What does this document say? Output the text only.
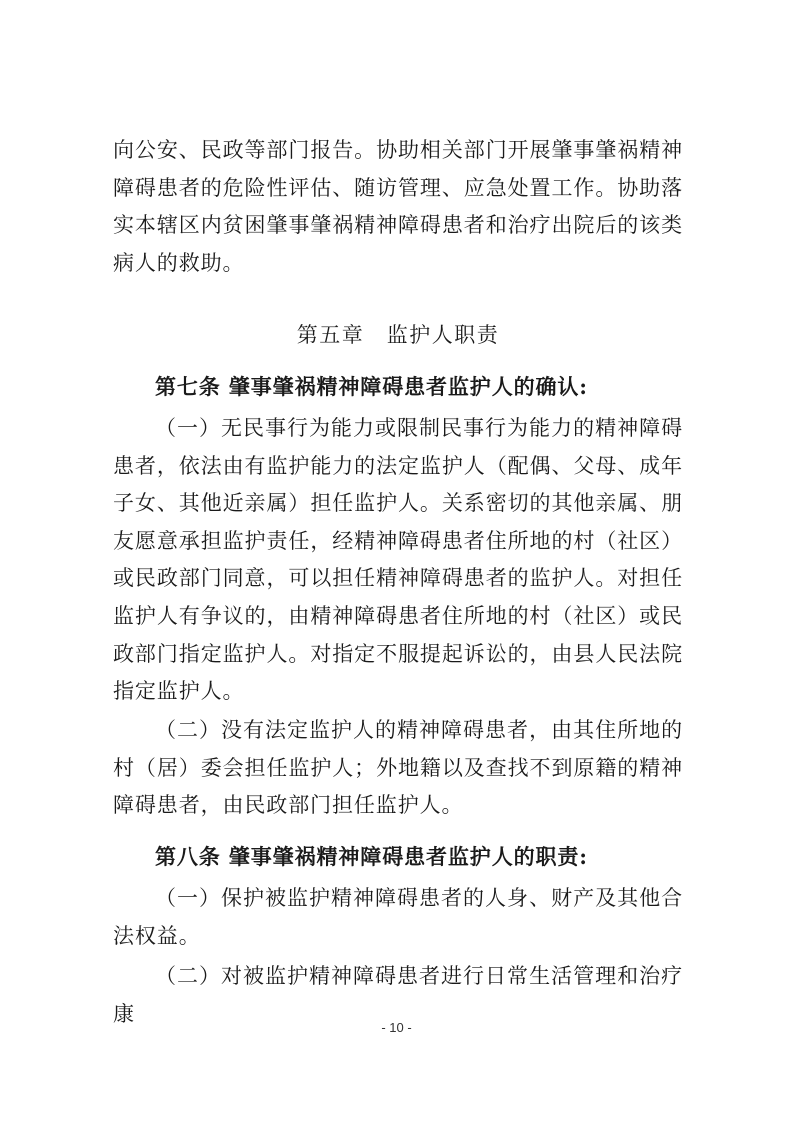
向公安、民政等部门报告。协助相关部门开展肇事肇祸精神障碍患者的危险性评估、随访管理、应急处置工作。协助落实本辖区内贫困肇事肇祸精神障碍患者和治疗出院后的该类病人的救助。
第五章　监护人职责
第七条 肇事肇祸精神障碍患者监护人的确认:
（一）无民事行为能力或限制民事行为能力的精神障碍患者，依法由有监护能力的法定监护人（配偶、父母、成年子女、其他近亲属）担任监护人。关系密切的其他亲属、朋友愿意承担监护责任，经精神障碍患者住所地的村（社区）或民政部门同意，可以担任精神障碍患者的监护人。对担任监护人有争议的，由精神障碍患者住所地的村（社区）或民政部门指定监护人。对指定不服提起诉讼的，由县人民法院指定监护人。
（二）没有法定监护人的精神障碍患者，由其住所地的村（居）委会担任监护人；外地籍以及查找不到原籍的精神障碍患者，由民政部门担任监护人。
第八条 肇事肇祸精神障碍患者监护人的职责:
（一）保护被监护精神障碍患者的人身、财产及其他合法权益。
（二）对被监护精神障碍患者进行日常生活管理和治疗康
- 10 -
